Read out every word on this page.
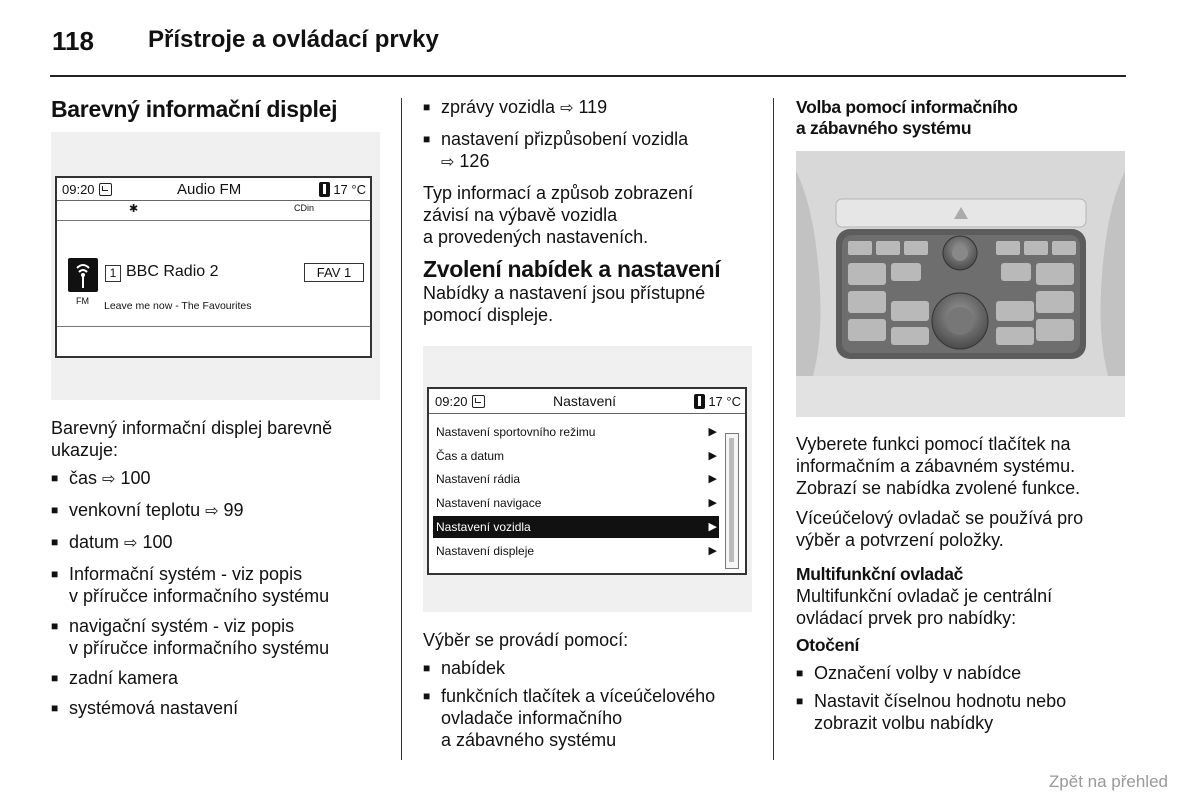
118 Přístroje a ovládací prvky
Barevný informační displej
09:20	Audio FM	17 °C
✱	CDin
FM
1 BBC Radio 2	FAV 1
Leave me now - The Favourites

Barevný informační displej barevně

ukazuje:

■ čas ⇨ 100
■ venkovní teplotu ⇨ 99
■ datum ⇨ 100
■ Informační systém - viz popis
v příručce informačního systému
■ navigační systém - viz popis
v příručce informačního systému
■ zadní kamera
■ systémová nastavení
■ zprávy vozidla ⇨ 119
■ nastavení přizpůsobení vozidla
⇨ 126

Typ informací a způsob zobrazení

závisí na výbavě vozidla

a provedených nastaveních.

Zvolení nabídek a nastavení

Nabídky a nastavení jsou přístupné

pomocí displeje.

09:20	Nastavení	17 °C
Nastavení sportovního režimu	▶
Čas a datum	▶
Nastavení rádia	▶
Nastavení navigace	▶
Nastavení vozidla	▶
Nastavení displeje	▶

Výběr se provádí pomocí:

■ nabídek
■ funkčních tlačítek a víceúčelového
ovladače informačního
a zábavného systému
Volba pomocí informačního
a zábavného systému

Vyberete funkci pomocí tlačítek na

informačním a zábavném systému.

Zobrazí se nabídka zvolené funkce.

Víceúčelový ovladač se používá pro

výběr a potvrzení položky.

Multifunkční ovladač

Multifunkční ovladač je centrální

ovládací prvek pro nabídky:

Otočení
■ Označení volby v nabídce
■ Nastavit číselnou hodnotu nebo
zobrazit volbu nabídky
Zpět na přehled
